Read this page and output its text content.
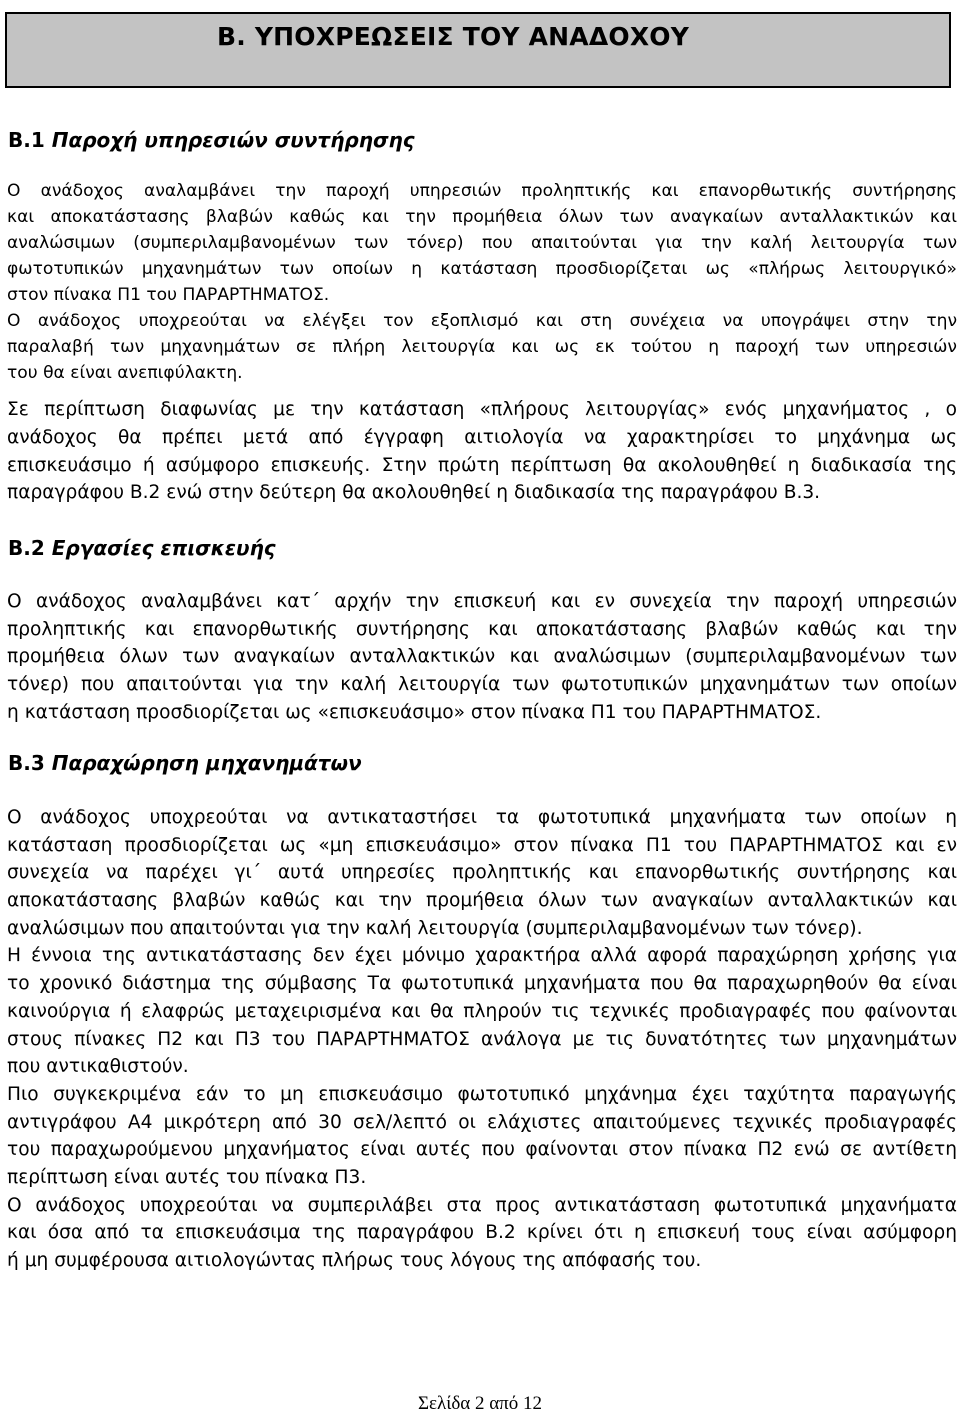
Β. ΥΠΟΧΡΕΩΣΕΙΣ ΤΟΥ ΑΝΑΔΟΧΟΥ
Β.1 Παροχή υπηρεσιών συντήρησης
Ο ανάδοχος αναλαμβάνει την παροχή υπηρεσιών προληπτικής και επανορθωτικής συντήρησης
και αποκατάστασης βλαβών καθώς και την προμήθεια όλων των αναγκαίων ανταλλακτικών και
αναλώσιμων (συμπεριλαμβανομένων των τόνερ) που απαιτούνται για την καλή λειτουργία των
φωτοτυπικών μηχανημάτων των οποίων η κατάσταση προσδιορίζεται ως «πλήρως λειτουργικό»
στον πίνακα Π1 του ΠΑΡΑΡΤΗΜΑΤΟΣ.
Ο ανάδοχος υποχρεούται να ελέγξει τον εξοπλισμό και στη συνέχεια να υπογράψει στην την
παραλαβή των μηχανημάτων σε πλήρη λειτουργία και ως εκ τούτου η παροχή των υπηρεσιών
του θα είναι ανεπιφύλακτη.
Σε περίπτωση διαφωνίας με την κατάσταση «πλήρους λειτουργίας» ενός μηχανήματος , ο
ανάδοχος θα πρέπει μετά από έγγραφη αιτιολογία να χαρακτηρίσει το μηχάνημα ως
επισκευάσιμο ή ασύμφορο επισκευής. Στην πρώτη περίπτωση θα ακολουθηθεί η διαδικασία της
παραγράφου Β.2 ενώ στην δεύτερη θα ακολουθηθεί η διαδικασία της παραγράφου Β.3.
Β.2 Εργασίες επισκευής
Ο ανάδοχος αναλαμβάνει κατ΄ αρχήν την επισκευή και εν συνεχεία την παροχή υπηρεσιών
προληπτικής και επανορθωτικής συντήρησης και αποκατάστασης βλαβών καθώς και την
προμήθεια όλων των αναγκαίων ανταλλακτικών και αναλώσιμων (συμπεριλαμβανομένων των
τόνερ) που απαιτούνται για την καλή λειτουργία των φωτοτυπικών μηχανημάτων των οποίων
η κατάσταση προσδιορίζεται ως «επισκευάσιμο» στον πίνακα Π1 του ΠΑΡΑΡΤΗΜΑΤΟΣ.
Β.3 Παραχώρηση μηχανημάτων
Ο ανάδοχος υποχρεούται να αντικαταστήσει τα φωτοτυπικά μηχανήματα των οποίων η
κατάσταση προσδιορίζεται ως «μη επισκευάσιμο» στον πίνακα Π1 του ΠΑΡΑΡΤΗΜΑΤΟΣ και εν
συνεχεία να παρέχει γι΄ αυτά υπηρεσίες προληπτικής και επανορθωτικής συντήρησης και
αποκατάστασης βλαβών καθώς και την προμήθεια όλων των αναγκαίων ανταλλακτικών και
αναλώσιμων που απαιτούνται για την καλή λειτουργία (συμπεριλαμβανομένων των τόνερ).
Η έννοια της αντικατάστασης δεν έχει μόνιμο χαρακτήρα αλλά αφορά παραχώρηση χρήσης για
το χρονικό διάστημα της σύμβασης Τα φωτοτυπικά μηχανήματα που θα παραχωρηθούν θα είναι
καινούργια ή ελαφρώς μεταχειρισμένα και θα πληρούν τις τεχνικές προδιαγραφές που φαίνονται
στους πίνακες Π2 και Π3 του ΠΑΡΑΡΤΗΜΑΤΟΣ ανάλογα με τις δυνατότητες των μηχανημάτων
που αντικαθιστούν.
Πιο συγκεκριμένα εάν το μη επισκευάσιμο φωτοτυπικό μηχάνημα έχει ταχύτητα παραγωγής
αντιγράφου Α4 μικρότερη από 30 σελ/λεπτό οι ελάχιστες απαιτούμενες τεχνικές προδιαγραφές
του παραχωρούμενου μηχανήματος είναι αυτές που φαίνονται στον πίνακα Π2 ενώ σε αντίθετη
περίπτωση είναι αυτές του πίνακα Π3.
Ο ανάδοχος υποχρεούται να συμπεριλάβει στα προς αντικατάσταση φωτοτυπικά μηχανήματα
και όσα από τα επισκευάσιμα της παραγράφου Β.2 κρίνει ότι η επισκευή τους είναι ασύμφορη
ή μη συμφέρουσα αιτιολογώντας πλήρως τους λόγους της απόφασής του.
Σελίδα 2 από 12
